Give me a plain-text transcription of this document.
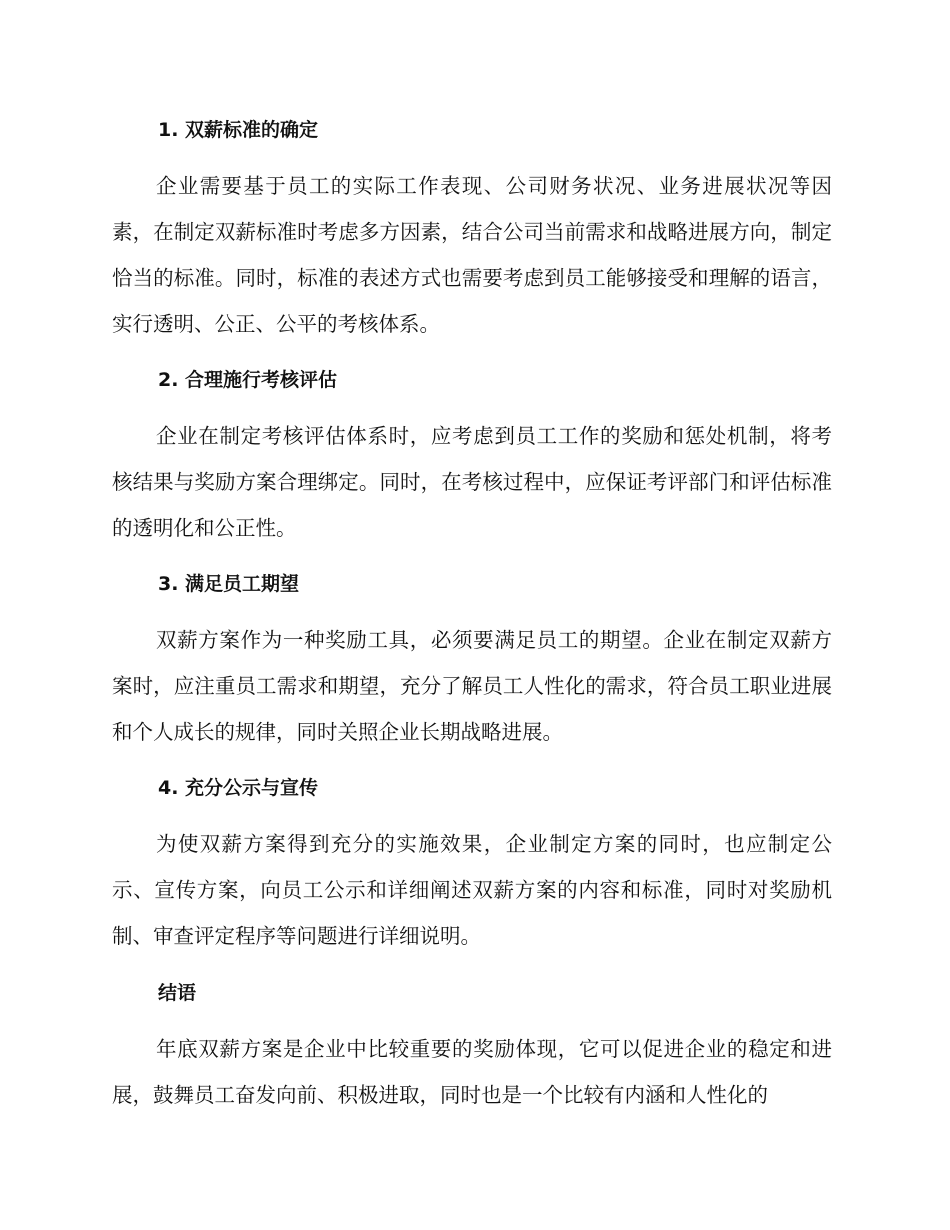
1. 双薪标准的确定
企业需要基于员工的实际工作表现、公司财务状况、业务进展状况等因素，在制定双薪标准时考虑多方因素，结合公司当前需求和战略进展方向，制定恰当的标准。同时，标准的表述方式也需要考虑到员工能够接受和理解的语言，实行透明、公正、公平的考核体系。
2. 合理施行考核评估
企业在制定考核评估体系时，应考虑到员工工作的奖励和惩处机制，将考核结果与奖励方案合理绑定。同时，在考核过程中，应保证考评部门和评估标准的透明化和公正性。
3. 满足员工期望
双薪方案作为一种奖励工具，必须要满足员工的期望。企业在制定双薪方案时，应注重员工需求和期望，充分了解员工人性化的需求，符合员工职业进展和个人成长的规律，同时关照企业长期战略进展。
4. 充分公示与宣传
为使双薪方案得到充分的实施效果，企业制定方案的同时，也应制定公示、宣传方案，向员工公示和详细阐述双薪方案的内容和标准，同时对奖励机制、审查评定程序等问题进行详细说明。
结语
年底双薪方案是企业中比较重要的奖励体现，它可以促进企业的稳定和进展，鼓舞员工奋发向前、积极进取，同时也是一个比较有内涵和人性化的
